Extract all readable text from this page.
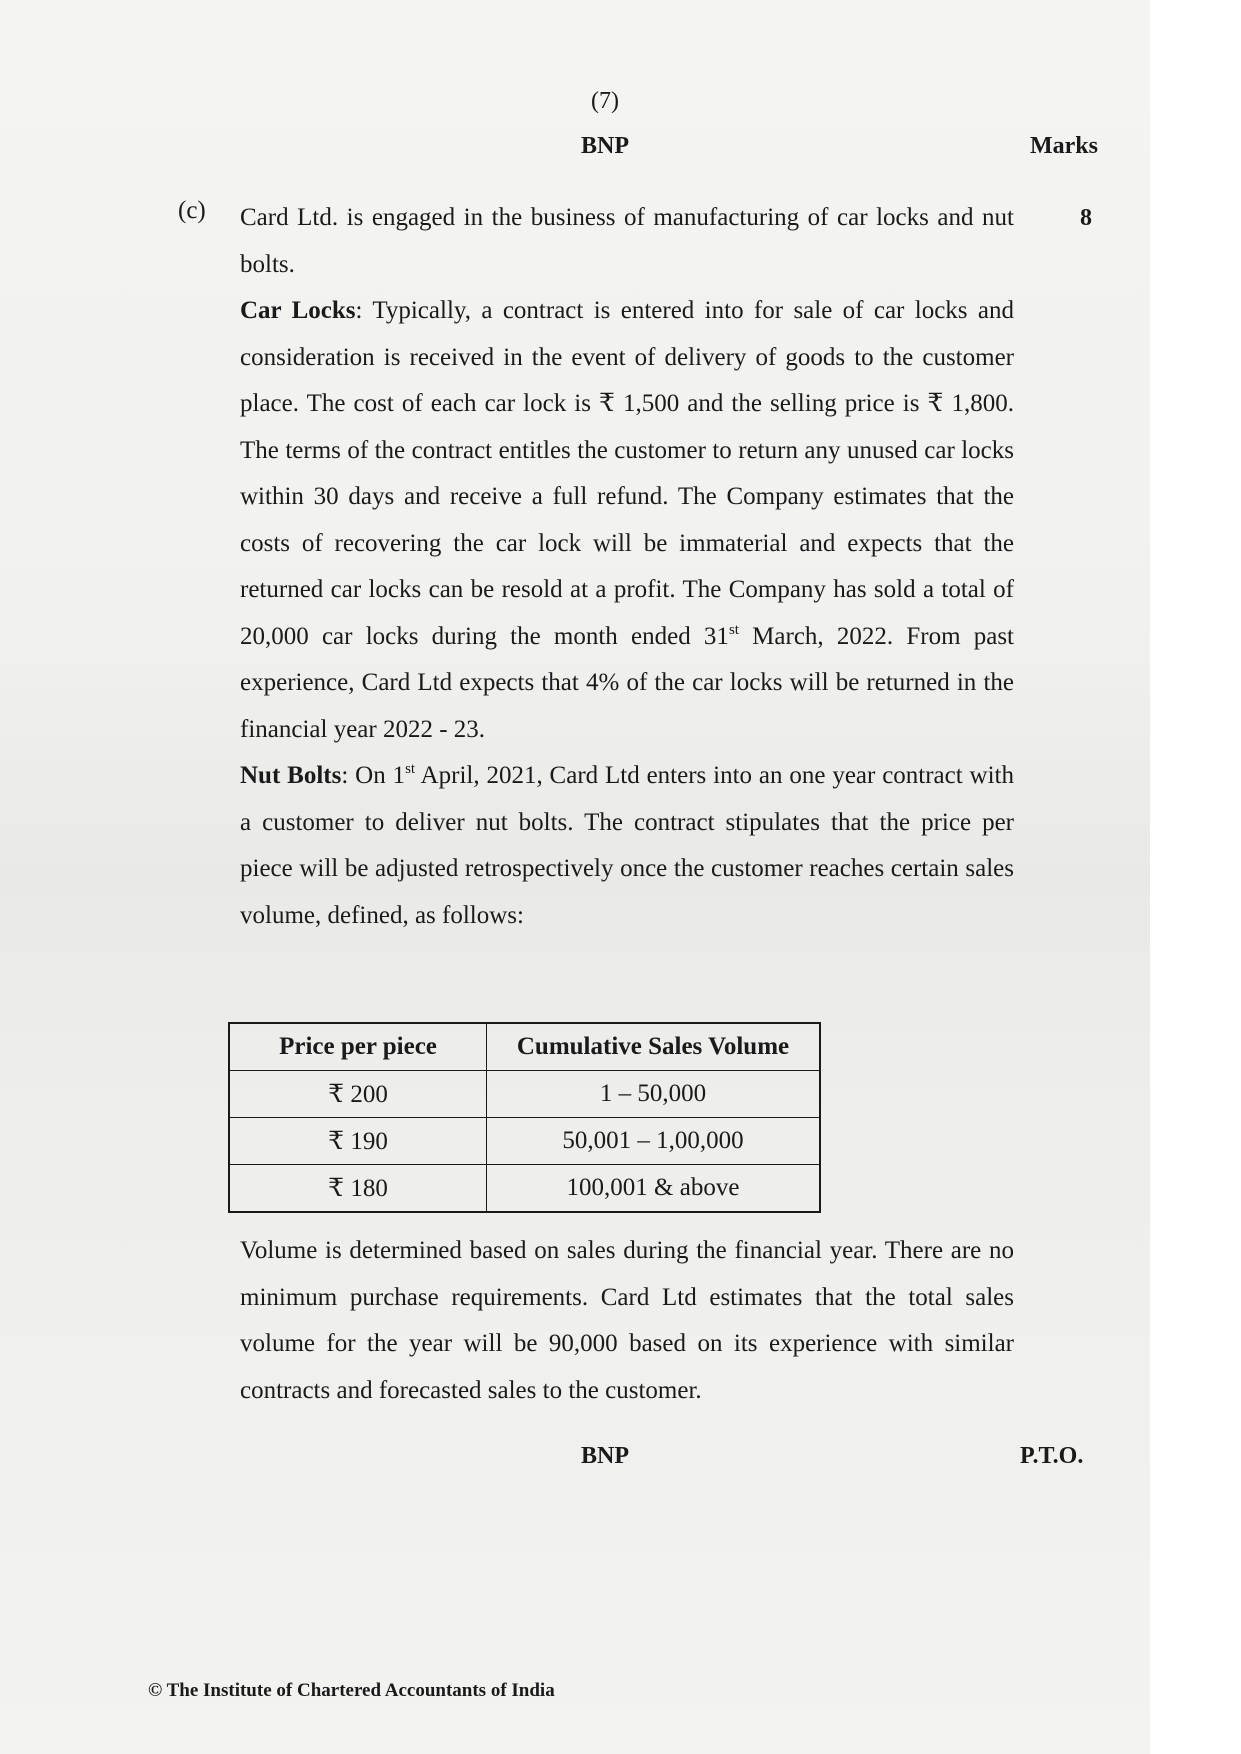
(7)
BNP	Marks
(c)	8

Card Ltd. is engaged in the business of manufacturing of car locks and nut bolts.

Car Locks: Typically, a contract is entered into for sale of car locks and consideration is received in the event of delivery of goods to the customer place. The cost of each car lock is ₹ 1,500 and the selling price is ₹ 1,800. The terms of the contract entitles the customer to return any unused car locks within 30 days and receive a full refund. The Company estimates that the costs of recovering the car lock will be immaterial and expects that the returned car locks can be resold at a profit. The Company has sold a total of 20,000 car locks during the month ended 31st March, 2022. From past experience, Card Ltd expects that 4% of the car locks will be returned in the financial year 2022 - 23.

Nut Bolts: On 1st April, 2021, Card Ltd enters into an one year contract with a customer to deliver nut bolts. The contract stipulates that the price per piece will be adjusted retrospectively once the customer reaches certain sales volume, defined, as follows:

Price per piece	Cumulative Sales Volume
₹ 200	1 – 50,000
₹ 190	50,001 – 1,00,000
₹ 180	100,001 & above
Volume is determined based on sales during the financial year. There are no minimum purchase requirements. Card Ltd estimates that the total sales volume for the year will be 90,000 based on its experience with similar contracts and forecasted sales to the customer.
BNP	P.T.O.
© The Institute of Chartered Accountants of India
